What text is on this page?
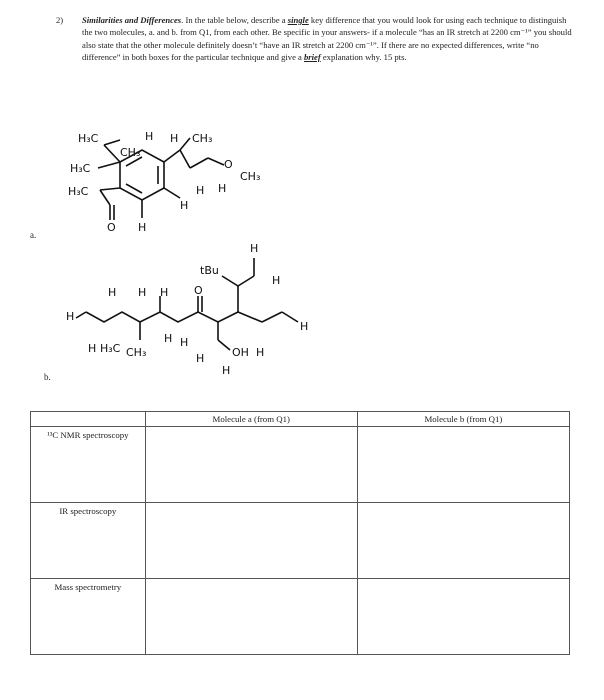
2) Similarities and Differences. In the table below, describe a single key difference that you would look for using each technique to distinguish the two molecules, a. and b. from Q1, from each other. Be specific in your answers- if a molecule “has an IR stretch at 2200 cm⁻¹” you should also state that the other molecule definitely doesn’t “have an IR stretch at 2200 cm⁻¹”. If there are no expected differences, write “no difference” in both boxes for the particular technique and give a brief explanation why. 15 pts.
H₃C
CH₃
H₃C
H₃C
O H
H
H H CH₃
O
CH₃
H H
H
tBu
H
H
H H H O
H
H H₃C CH₃
H H
OH
H
H
H
a.
b.
	Molecule a (from Q1)	Molecule b (from Q1)
¹³C NMR spectroscopy		
IR spectroscopy		
Mass spectrometry		
